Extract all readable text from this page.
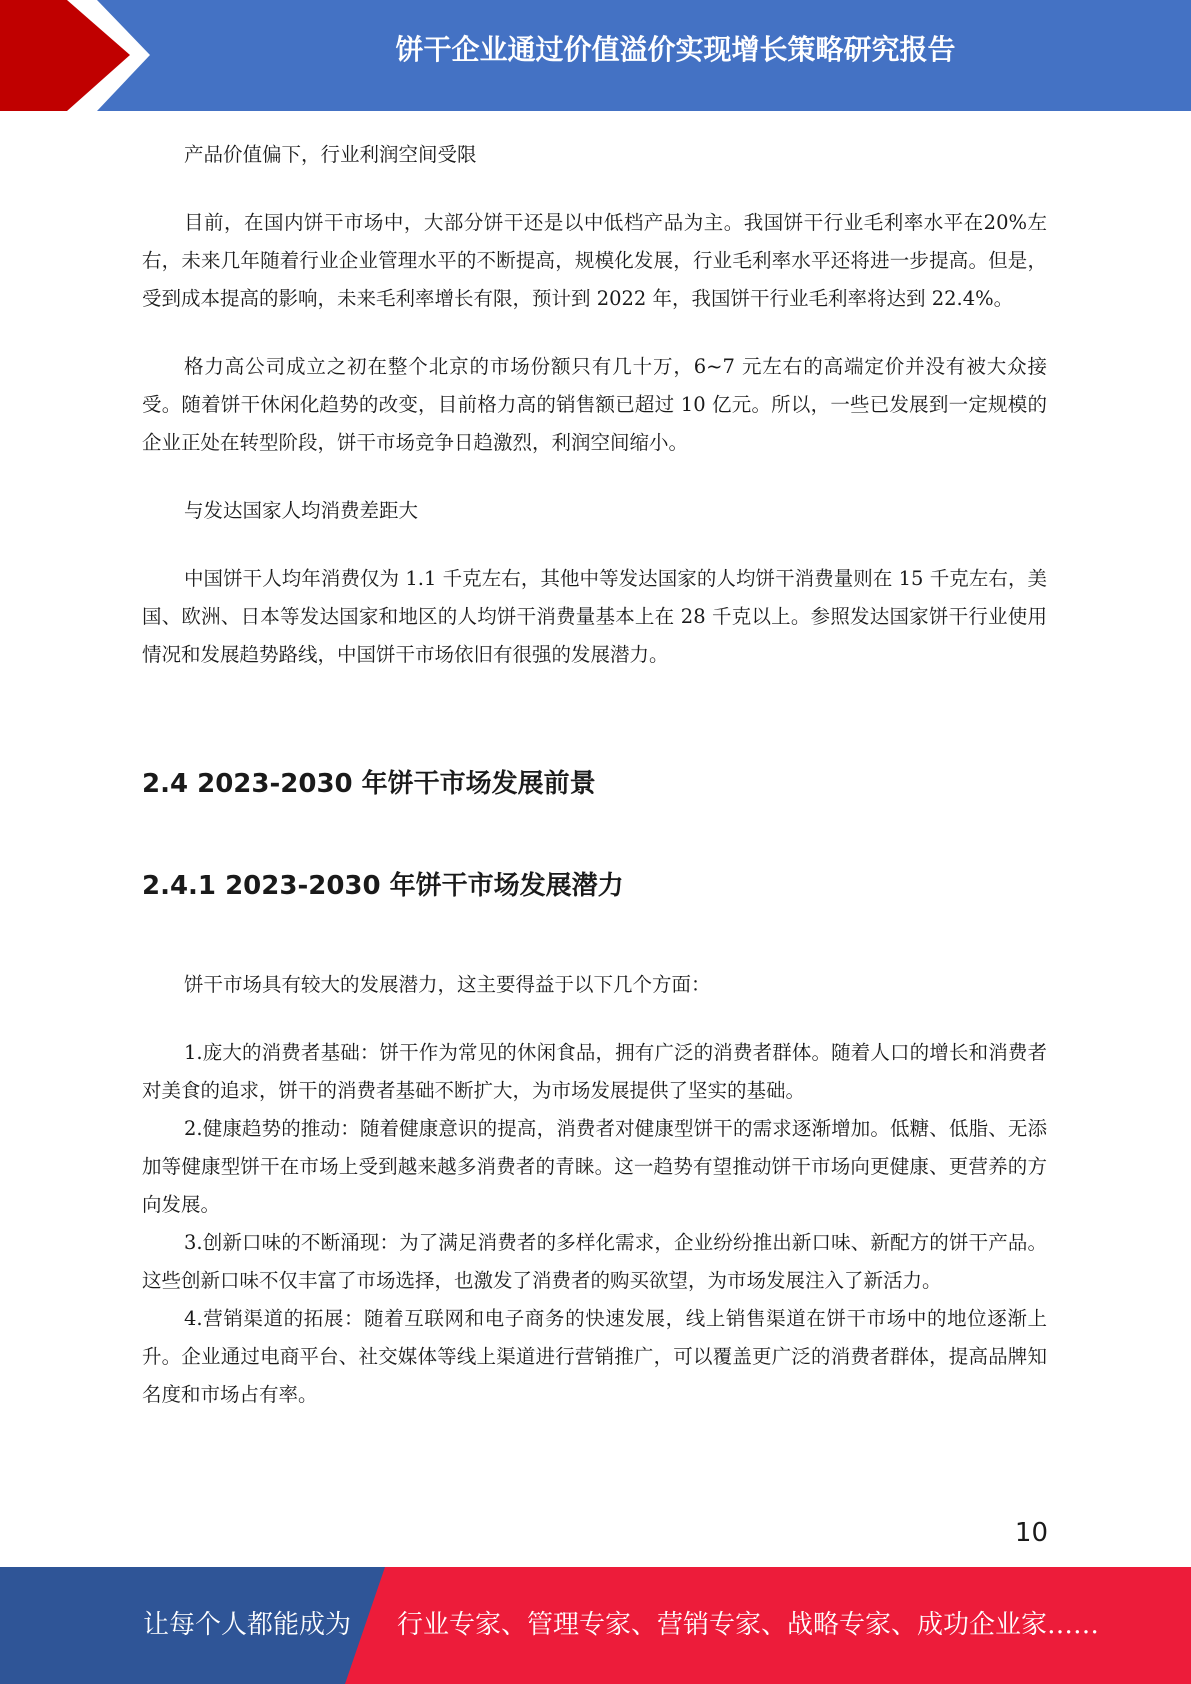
饼干企业通过价值溢价实现增长策略研究报告

产品价值偏下，行业利润空间受限

目前，在国内饼干市场中，大部分饼干还是以中低档产品为主。我国饼干行业毛利率水平在20%左右，未来几年随着行业企业管理水平的不断提高，规模化发展，行业毛利率水平还将进一步提高。但是，受到成本提高的影响，未来毛利率增长有限，预计到 2022 年，我国饼干行业毛利率将达到 22.4%。

格力高公司成立之初在整个北京的市场份额只有几十万，6~7 元左右的高端定价并没有被大众接受。随着饼干休闲化趋势的改变，目前格力高的销售额已超过 10 亿元。所以，一些已发展到一定规模的企业正处在转型阶段，饼干市场竞争日趋激烈，利润空间缩小。

与发达国家人均消费差距大

中国饼干人均年消费仅为 1.1 千克左右，其他中等发达国家的人均饼干消费量则在 15 千克左右，美国、欧洲、日本等发达国家和地区的人均饼干消费量基本上在 28 千克以上。参照发达国家饼干行业使用情况和发展趋势路线，中国饼干市场依旧有很强的发展潜力。

2.4 2023-2030 年饼干市场发展前景
2.4.1 2023-2030 年饼干市场发展潜力

饼干市场具有较大的发展潜力，这主要得益于以下几个方面：

1.庞大的消费者基础：饼干作为常见的休闲食品，拥有广泛的消费者群体。随着人口的增长和消费者对美食的追求，饼干的消费者基础不断扩大，为市场发展提供了坚实的基础。

2.健康趋势的推动：随着健康意识的提高，消费者对健康型饼干的需求逐渐增加。低糖、低脂、无添加等健康型饼干在市场上受到越来越多消费者的青睐。这一趋势有望推动饼干市场向更健康、更营养的方向发展。

3.创新口味的不断涌现：为了满足消费者的多样化需求，企业纷纷推出新口味、新配方的饼干产品。这些创新口味不仅丰富了市场选择，也激发了消费者的购买欲望，为市场发展注入了新活力。

4.营销渠道的拓展：随着互联网和电子商务的快速发展，线上销售渠道在饼干市场中的地位逐渐上升。企业通过电商平台、社交媒体等线上渠道进行营销推广，可以覆盖更广泛的消费者群体，提高品牌知名度和市场占有率。

10
让每个人都能成为 行业专家、管理专家、营销专家、战略专家、成功企业家……
